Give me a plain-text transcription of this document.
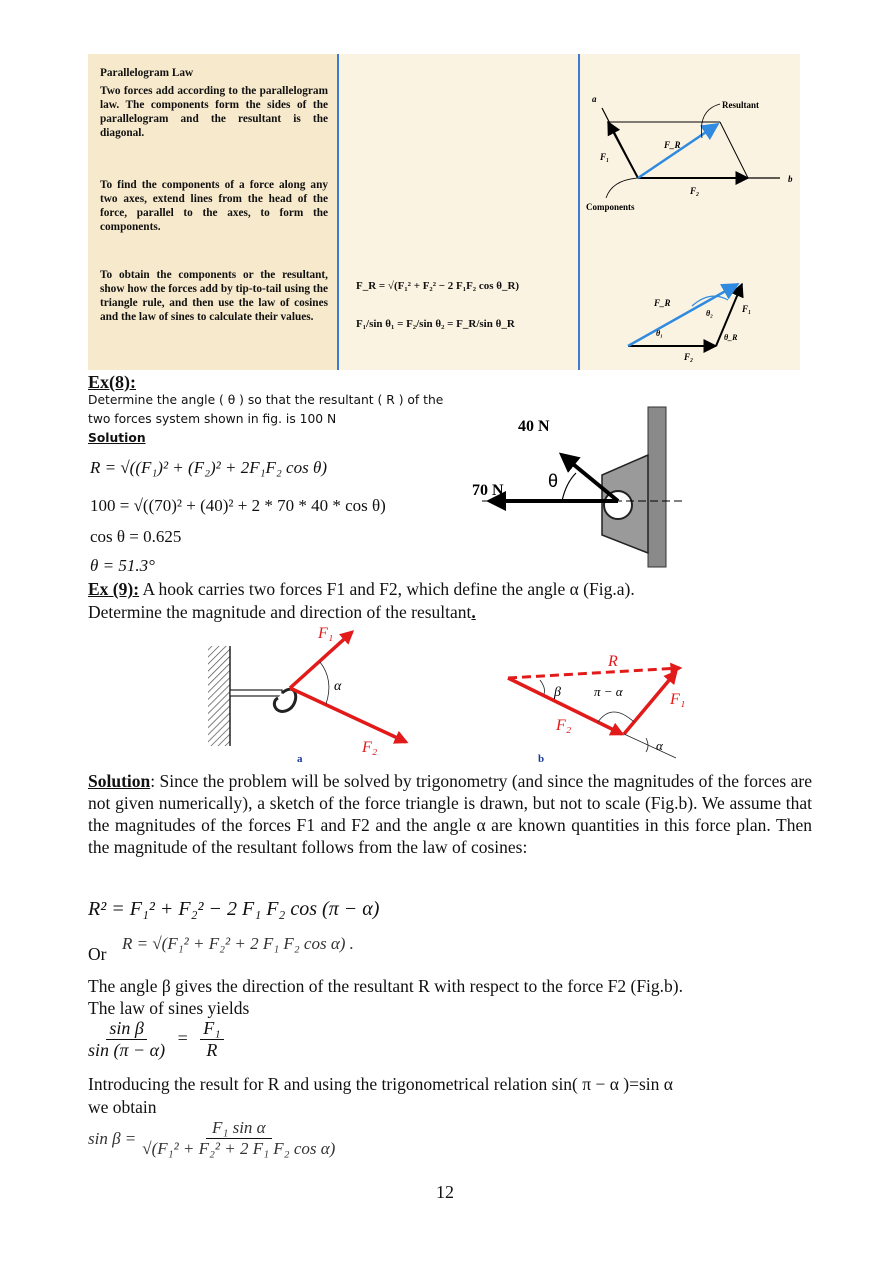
Parallelogram Law
Two forces add according to the parallelogram law. The components form the sides of the parallelogram and the resultant is the diagonal.
To find the components of a force along any two axes, extend lines from the head of the force, parallel to the axes, to form the components.
To obtain the components or the resultant, show how the forces add by tip-to-tail using the triangle rule, and then use the law of cosines and the law of sines to calculate their values.
F_R = √(F₁² + F₂² − 2 F₁F₂ cos θ_R)
F₁/sin θ₁ = F₂/sin θ₂ = F_R/sin θ_R
a
b
Resultant
Components
F_R
F₁
F₂
F_R
F₁
F₂
θ₁
θ₂
θ_R
Ex(8):
Determine the angle ( θ ) so that the resultant ( R ) of the
two forces system shown in fig. is 100 N
Solution
R = √((F₁)² + (F₂)² + 2F₁F₂ cos θ)
100 = √((70)² + (40)² + 2 * 70 * 40 * cos θ)
cos θ = 0.625
θ = 51.3°
40 N
70 N θ
Ex (9): A hook carries two forces F1 and F2, which define the angle α (Fig.a).
Determine the magnitude and direction of the resultant.
F₁
F₂
α
a
R
β	π − α	F₁
F₂
α
b
Solution: Since the problem will be solved by trigonometry (and since the magnitudes of the forces are not given numerically), a sketch of the force triangle is drawn, but not to scale (Fig.b). We assume that the magnitudes of the forces F1 and F2 and the angle α are known quantities in this force plan. Then the magnitude of the resultant follows from the law of cosines:
R² = F₁² + F₂² − 2 F₁ F₂ cos (π − α)
Or
R = √(F₁² + F₂² + 2 F₁ F₂ cos α) .
The angle β gives the direction of the resultant R with respect to the force F2 (Fig.b).
The law of sines yields
$\frac{\text{sin β}}{\sin (\pi - \alpha)} = \frac{\text{F₁}}{R}$
Introducing the result for R and using the trigonometrical relation sin( π − α )=sin α
we obtain
$\sin \beta = \frac{\text{F₁ sin α}}{\text{√(F₁² + F₂² + 2 F₁ F₂ cos α)}}$
12
